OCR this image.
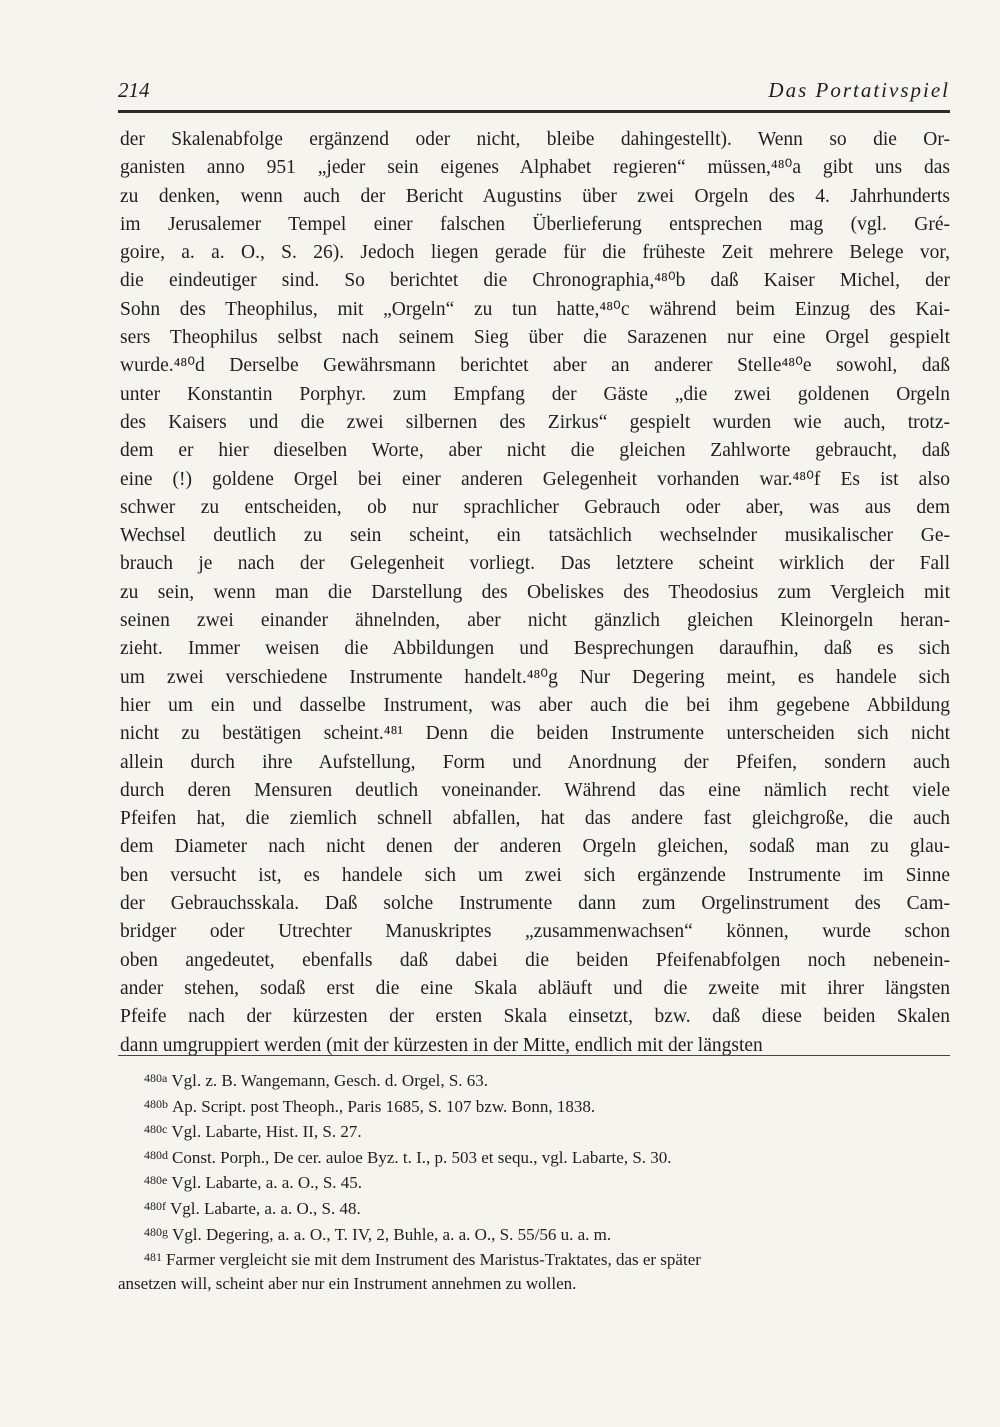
214	Das Portativspiel
der Skalenabfolge ergänzend oder nicht, bleibe dahingestellt). Wenn so die Or-
ganisten anno 951 „jeder sein eigenes Alphabet regieren“ müssen,⁴⁸⁰a gibt uns das
zu denken, wenn auch der Bericht Augustins über zwei Orgeln des 4. Jahrhunderts
im Jerusalemer Tempel einer falschen Überlieferung entsprechen mag (vgl. Gré-
goire, a. a. O., S. 26). Jedoch liegen gerade für die früheste Zeit mehrere Belege vor,
die eindeutiger sind. So berichtet die Chronographia,⁴⁸⁰b daß Kaiser Michel, der
Sohn des Theophilus, mit „Orgeln“ zu tun hatte,⁴⁸⁰c während beim Einzug des Kai-
sers Theophilus selbst nach seinem Sieg über die Sarazenen nur eine Orgel gespielt
wurde.⁴⁸⁰d Derselbe Gewährsmann berichtet aber an anderer Stelle⁴⁸⁰e sowohl, daß
unter Konstantin Porphyr. zum Empfang der Gäste „die zwei goldenen Orgeln
des Kaisers und die zwei silbernen des Zirkus“ gespielt wurden wie auch, trotz-
dem er hier dieselben Worte, aber nicht die gleichen Zahlworte gebraucht, daß
eine (!) goldene Orgel bei einer anderen Gelegenheit vorhanden war.⁴⁸⁰f Es ist also
schwer zu entscheiden, ob nur sprachlicher Gebrauch oder aber, was aus dem
Wechsel deutlich zu sein scheint, ein tatsächlich wechselnder musikalischer Ge-
brauch je nach der Gelegenheit vorliegt. Das letztere scheint wirklich der Fall
zu sein, wenn man die Darstellung des Obeliskes des Theodosius zum Vergleich mit
seinen zwei einander ähnelnden, aber nicht gänzlich gleichen Kleinorgeln heran-
zieht. Immer weisen die Abbildungen und Besprechungen daraufhin, daß es sich
um zwei verschiedene Instrumente handelt.⁴⁸⁰g Nur Degering meint, es handele sich
hier um ein und dasselbe Instrument, was aber auch die bei ihm gegebene Abbildung
nicht zu bestätigen scheint.⁴⁸¹ Denn die beiden Instrumente unterscheiden sich nicht
allein durch ihre Aufstellung, Form und Anordnung der Pfeifen, sondern auch
durch deren Mensuren deutlich voneinander. Während das eine nämlich recht viele
Pfeifen hat, die ziemlich schnell abfallen, hat das andere fast gleichgroße, die auch
dem Diameter nach nicht denen der anderen Orgeln gleichen, sodaß man zu glau-
ben versucht ist, es handele sich um zwei sich ergänzende Instrumente im Sinne
der Gebrauchsskala. Daß solche Instrumente dann zum Orgelinstrument des Cam-
bridger oder Utrechter Manuskriptes „zusammenwachsen“ können, wurde schon
oben angedeutet, ebenfalls daß dabei die beiden Pfeifenabfolgen noch nebenein-
ander stehen, sodaß erst die eine Skala abläuft und die zweite mit ihrer längsten
Pfeife nach der kürzesten der ersten Skala einsetzt, bzw. daß diese beiden Skalen
dann umgruppiert werden (mit der kürzesten in der Mitte, endlich mit der längsten
$^{480a}$ Vgl. z. B. Wangemann, Gesch. d. Orgel, S. 63.
$^{480b}$ Ap. Script. post Theoph., Paris 1685, S. 107 bzw. Bonn, 1838.
$^{480c}$ Vgl. Labarte, Hist. II, S. 27.
$^{480d}$ Const. Porph., De cer. auloe Byz. t. I., p. 503 et sequ., vgl. Labarte, S. 30.
$^{480e}$ Vgl. Labarte, a. a. O., S. 45.
$^{480f}$ Vgl. Labarte, a. a. O., S. 48.
$^{480g}$ Vgl. Degering, a. a. O., T. IV, 2, Buhle, a. a. O., S. 55/56 u. a. m.
$^{481}$ Farmer vergleicht sie mit dem Instrument des Maristus-Traktates, das er später
ansetzen will, scheint aber nur ein Instrument annehmen zu wollen.
